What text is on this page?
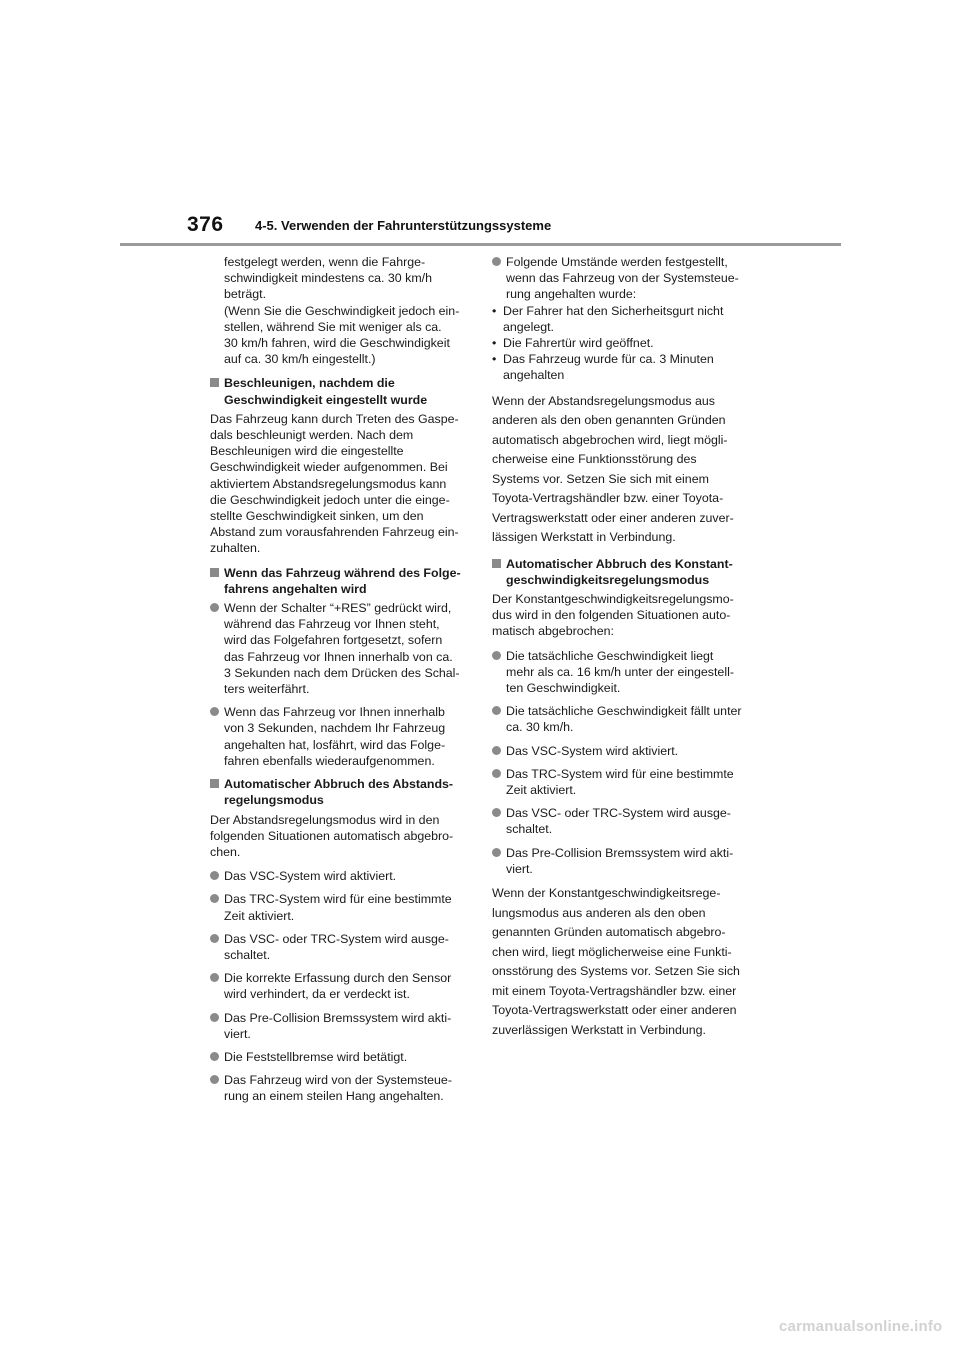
376 4-5. Verwenden der Fahrunterstützungssysteme
festgelegt werden, wenn die Fahrge-
schwindigkeit mindestens ca. 30 km/h
beträgt.
(Wenn Sie die Geschwindigkeit jedoch ein-
stellen, während Sie mit weniger als ca.
30 km/h fahren, wird die Geschwindigkeit
auf ca. 30 km/h eingestellt.)
Beschleunigen, nachdem die
Geschwindigkeit eingestellt wurde
Das Fahrzeug kann durch Treten des Gaspe-
dals beschleunigt werden. Nach dem
Beschleunigen wird die eingestellte
Geschwindigkeit wieder aufgenommen. Bei
aktiviertem Abstandsregelungsmodus kann
die Geschwindigkeit jedoch unter die einge-
stellte Geschwindigkeit sinken, um den
Abstand zum vorausfahrenden Fahrzeug ein-
zuhalten.
Wenn das Fahrzeug während des Folge-
fahrens angehalten wird
Wenn der Schalter “+RES” gedrückt wird,
während das Fahrzeug vor Ihnen steht,
wird das Folgefahren fortgesetzt, sofern
das Fahrzeug vor Ihnen innerhalb von ca.
3 Sekunden nach dem Drücken des Schal-
ters weiterfährt.
Wenn das Fahrzeug vor Ihnen innerhalb
von 3 Sekunden, nachdem Ihr Fahrzeug
angehalten hat, losfährt, wird das Folge-
fahren ebenfalls wiederaufgenommen.
Automatischer Abbruch des Abstands-
regelungsmodus
Der Abstandsregelungsmodus wird in den
folgenden Situationen automatisch abgebro-
chen.
Das VSC-System wird aktiviert.
Das TRC-System wird für eine bestimmte
Zeit aktiviert.
Das VSC- oder TRC-System wird ausge-
schaltet.
Die korrekte Erfassung durch den Sensor
wird verhindert, da er verdeckt ist.
Das Pre-Collision Bremssystem wird akti-
viert.
Die Feststellbremse wird betätigt.
Das Fahrzeug wird von der Systemsteue-
rung an einem steilen Hang angehalten.
Folgende Umstände werden festgestellt,
wenn das Fahrzeug von der Systemsteue-
rung angehalten wurde:
• Der Fahrer hat den Sicherheitsgurt nicht
angelegt.
• Die Fahrertür wird geöffnet.
• Das Fahrzeug wurde für ca. 3 Minuten
angehalten

Wenn der Abstandsregelungsmodus aus

anderen als den oben genannten Gründen

automatisch abgebrochen wird, liegt mögli-

cherweise eine Funktionsstörung des

Systems vor. Setzen Sie sich mit einem

Toyota-Vertragshändler bzw. einer Toyota-

Vertragswerkstatt oder einer anderen zuver-

lässigen Werkstatt in Verbindung.

Automatischer Abbruch des Konstant-
geschwindigkeitsregelungsmodus
Der Konstantgeschwindigkeitsregelungsmo-
dus wird in den folgenden Situationen auto-
matisch abgebrochen:
Die tatsächliche Geschwindigkeit liegt
mehr als ca. 16 km/h unter der eingestell-
ten Geschwindigkeit.
Die tatsächliche Geschwindigkeit fällt unter
ca. 30 km/h.
Das VSC-System wird aktiviert.
Das TRC-System wird für eine bestimmte
Zeit aktiviert.
Das VSC- oder TRC-System wird ausge-
schaltet.
Das Pre-Collision Bremssystem wird akti-
viert.

Wenn der Konstantgeschwindigkeitsrege-

lungsmodus aus anderen als den oben

genannten Gründen automatisch abgebro-

chen wird, liegt möglicherweise eine Funkti-

onsstörung des Systems vor. Setzen Sie sich

mit einem Toyota-Vertragshändler bzw. einer

Toyota-Vertragswerkstatt oder einer anderen

zuverlässigen Werkstatt in Verbindung.

carmanualsonline.info
